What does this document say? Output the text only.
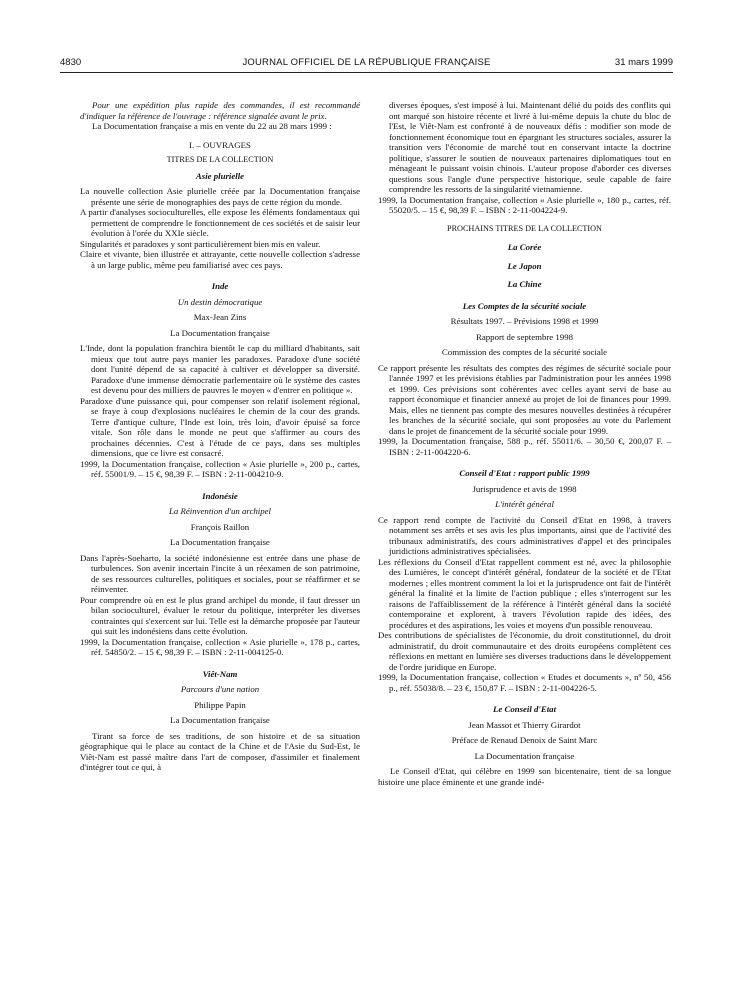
4830	JOURNAL OFFICIEL DE LA RÉPUBLIQUE FRANÇAISE	31 mars 1999

Pour une expédition plus rapide des commandes, il est recommandé d'indiquer la référence de l'ouvrage : référence signalée avant le prix.

La Documentation française a mis en vente du 22 au 28 mars 1999 :

I. – OUVRAGES

TITRES DE LA COLLECTION

Asie plurielle

La nouvelle collection Asie plurielle créée par la Documentation française présente une série de monographies des pays de cette région du monde.

A partir d'analyses socioculturelles, elle expose les éléments fondamentaux qui permettent de comprendre le fonctionnement de ces sociétés et de saisir leur évolution à l'orée du XXIe siècle.

Singularités et paradoxes y sont particulièrement bien mis en valeur.

Claire et vivante, bien illustrée et attrayante, cette nouvelle collection s'adresse à un large public, même peu familiarisé avec ces pays.

Inde

Un destin démocratique

Max-Jean Zins

La Documentation française

L'Inde, dont la population franchira bientôt le cap du milliard d'habitants, sait mieux que tout autre pays manier les paradoxes. Paradoxe d'une société dont l'unité dépend de sa capacité à cultiver et développer sa diversité. Paradoxe d'une immense démocratie parlementaire où le système des castes est devenu pour des milliers de pauvres le moyen « d'entrer en politique ».

Paradoxe d'une puissance qui, pour compenser son relatif isolement régional, se fraye à coup d'explosions nucléaires le chemin de la cour des grands. Terre d'antique culture, l'Inde est loin, très loin, d'avoir épuisé sa force vitale. Son rôle dans le monde ne peut que s'affirmer au cours des prochaines décennies. C'est à l'étude de ce pays, dans ses multiples dimensions, que ce livre est consacré.

1999, la Documentation française, collection « Asie plurielle », 200 p., cartes, réf. 55001/9. – 15 €, 98,39 F. – ISBN : 2-11-004210-9.

Indonésie

La Réinvention d'un archipel

François Raillon

La Documentation française

Dans l'après-Soeharto, la société indonésienne est entrée dans une phase de turbulences. Son avenir incertain l'incite à un réexamen de son patrimoine, de ses ressources culturelles, politiques et sociales, pour se réaffirmer et se réinventer.

Pour comprendre où en est le plus grand archipel du monde, il faut dresser un bilan socioculturel, évaluer le retour du politique, interpréter les diverses contraintes qui s'exercent sur lui. Telle est la démarche proposée par l'auteur qui suit les indonésiens dans cette évolution.

1999, la Documentation française, collection « Asie plurielle », 178 p., cartes, réf. 54850/2. – 15 €, 98,39 F. – ISBN : 2-11-004125-0.

Viêt-Nam

Parcours d'une nation

Philippe Papin

La Documentation française

Tirant sa force de ses traditions, de son histoire et de sa situation géographique qui le place au contact de la Chine et de l'Asie du Sud-Est, le Viêt-Nam est passé maître dans l'art de composer, d'assimiler et finalement d'intégrer tout ce qui, à

diverses époques, s'est imposé à lui. Maintenant délié du poids des conflits qui ont marqué son histoire récente et livré à lui-même depuis la chute du bloc de l'Est, le Viêt-Nam est confronté à de nouveaux défis : modifier son mode de fonctionnement économique tout en épargnant les structures sociales, assurer la transition vers l'économie de marché tout en conservant intacte la doctrine politique, s'assurer le soutien de nouveaux partenaires diplomatiques tout en ménageant le puissant voisin chinois. L'auteur propose d'aborder ces diverses questions sous l'angle d'une perspective historique, seule capable de faire comprendre les ressorts de la singularité vietnamienne.

1999, la Documentation française, collection « Asie plurielle », 180 p., cartes, réf. 55020/5. – 15 €, 98,39 F. – ISBN : 2-11-004224-9.

PROCHAINS TITRES DE LA COLLECTION

La Corée

Le Japon

La Chine

Les Comptes de la sécurité sociale

Résultats 1997. – Prévisions 1998 et 1999

Rapport de septembre 1998

Commission des comptes de la sécurité sociale

Ce rapport présente les résultats des comptes des régimes de sécurité sociale pour l'année 1997 et les prévisions établies par l'administration pour les années 1998 et 1999. Ces prévisions sont cohérentes avec celles ayant servi de base au rapport économique et financier annexé au projet de loi de finances pour 1999. Mais, elles ne tiennent pas compte des mesures nouvelles destinées à récupérer les branches de la sécurité sociale, qui sont proposées au vote du Parlement dans le projet de financement de la sécurité sociale pour 1999.

1999, la Documentation française, 588 p., réf. 55011/6. – 30,50 €, 200,07 F. – ISBN : 2-11-004220-6.

Conseil d'Etat : rapport public 1999

Jurisprudence et avis de 1998

L'intérêt général

Ce rapport rend compte de l'activité du Conseil d'Etat en 1998, à travers notamment ses arrêts et ses avis les plus importants, ainsi que de l'activité des tribunaux administratifs, des cours administratives d'appel et des principales juridictions administratives spécialisées.

Les réflexions du Conseil d'Etat rappellent comment est né, avec la philosophie des Lumières, le concept d'intérêt général, fondateur de la société et de l'Etat modernes ; elles montrent comment la loi et la jurisprudence ont fait de l'intérêt général la finalité et la limite de l'action publique ; elles s'interrogent sur les raisons de l'affaiblissement de la référence à l'intérêt général dans la société contemporaine et explorent, à travers l'évolution rapide des idées, des procédures et des aspirations, les voies et moyens d'un possible renouveau.

Des contributions de spécialistes de l'économie, du droit constitutionnel, du droit administratif, du droit communautaire et des droits européens complètent ces réflexions en mettant en lumière ses diverses traductions dans le développement de l'ordre juridique en Europe.

1999, la Documentation française, collection « Etudes et documents », nº 50, 456 p., réf. 55038/8. – 23 €, 150,87 F. – ISBN : 2-11-004226-5.

Le Conseil d'Etat

Jean Massot et Thierry Girardot

Préface de Renaud Denoix de Saint Marc

La Documentation française

Le Conseil d'Etat, qui célèbre en 1999 son bicentenaire, tient de sa longue histoire une place éminente et une grande indé-
